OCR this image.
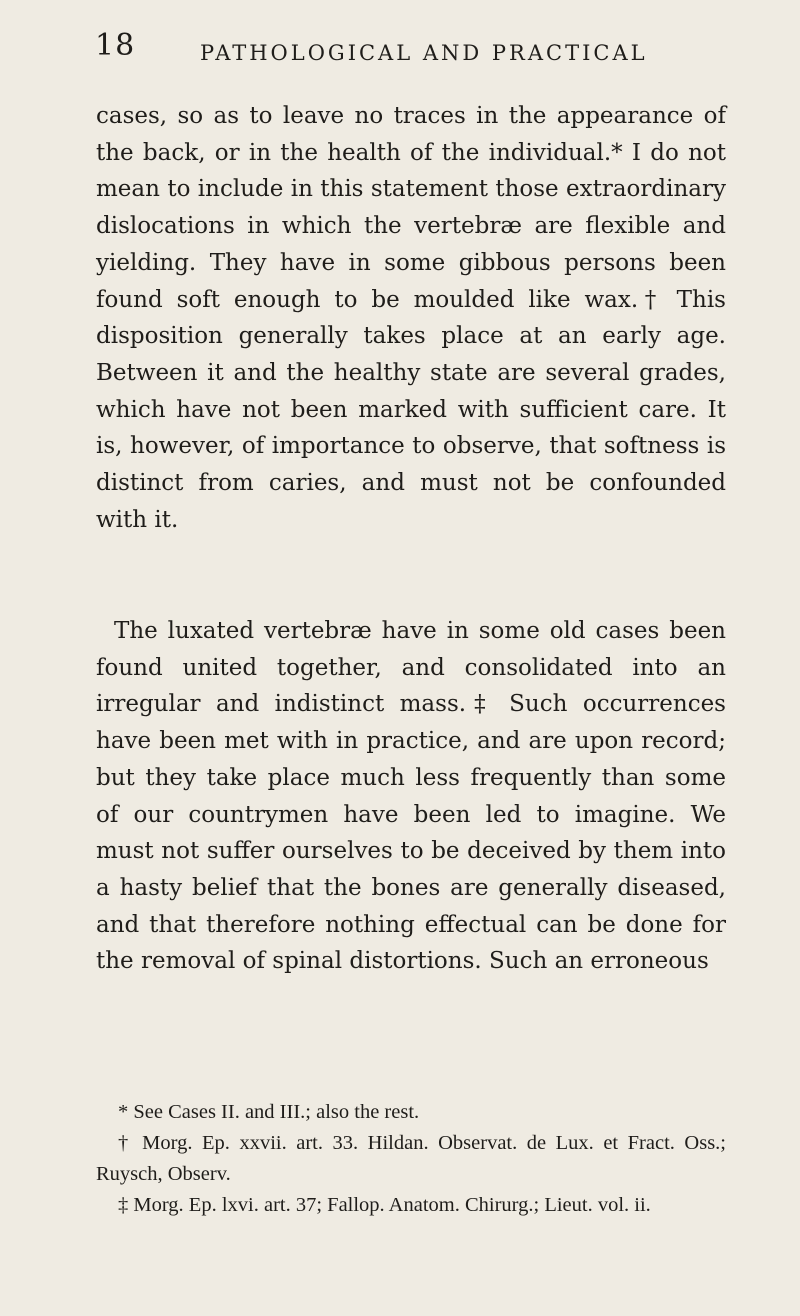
18	PATHOLOGICAL AND PRACTICAL
cases, so as to leave no traces in the appearance of the back, or in the health of the individual.* I do not mean to include in this statement those extraordinary dislocations in which the vertebræ are flexible and yielding. They have in some gibbous persons been found soft enough to be moulded like wax.† This disposition generally takes place at an early age. Between it and the healthy state are several grades, which have not been marked with sufficient care. It is, however, of importance to observe, that softness is distinct from caries, and must not be confounded with it.
The luxated vertebræ have in some old cases been found united together, and consolidated into an irregular and indistinct mass.‡ Such occurrences have been met with in practice, and are upon record; but they take place much less frequently than some of our countrymen have been led to imagine. We must not suffer ourselves to be deceived by them into a hasty belief that the bones are generally diseased, and that therefore nothing effectual can be done for the removal of spinal distortions. Such an erroneous

* See Cases II. and III.; also the rest.

† Morg. Ep. xxvii. art. 33. Hildan. Observat. de Lux. et Fract. Oss.; Ruysch, Observ.

‡ Morg. Ep. lxvi. art. 37; Fallop. Anatom. Chirurg.; Lieut. vol. ii.
